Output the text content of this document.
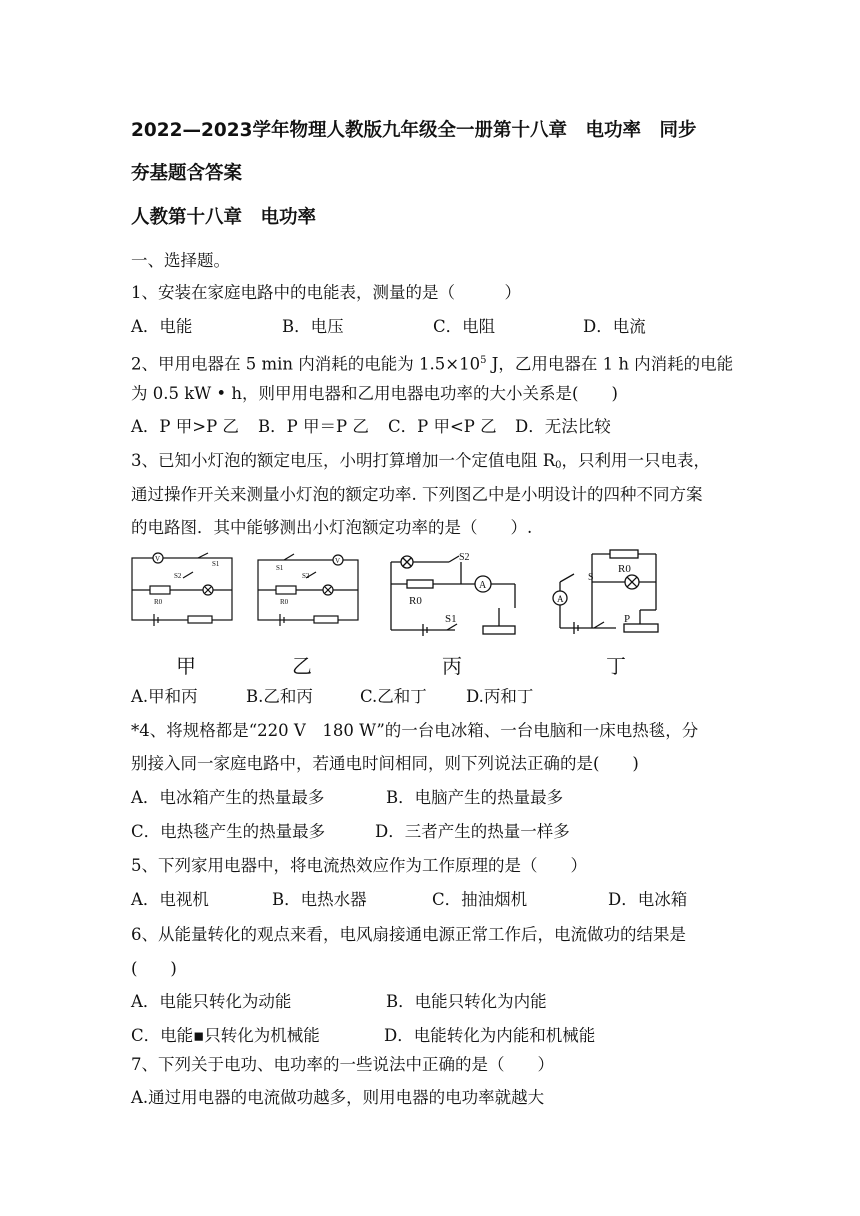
2022—2023学年物理人教版九年级全一册第十八章　电功率　同步
夯基题含答案
人教第十八章　电功率
一、选择题。
1、安装在家庭电路中的电能表，测量的是（　　　）
A．电能	B．电压	C．电阻	D．电流
2、甲用电器在 5 min 内消耗的电能为 $1.5\times 10^5$ J，乙用电器在 1 h 内消耗的电能
为 0.5 kW • h，则甲用电器和乙用电器电功率的大小关系是(　　)
A．P 甲>P 乙 B．P 甲＝P 乙 C．P 甲<P 乙 D．无法比较
3、已知小灯泡的额定电压，小明打算增加一个定值电阻 $R_0$，只利用一只电表，
通过操作开关来测量小灯泡的额定功率. 下列图乙中是小明设计的四种不同方案
的电路图．其中能够测出小灯泡额定功率的是（　　）.
V
S1
S2
R0
V
S1
S2
R0
S2
A
R0
S1
A
R0
S
P
甲	乙	丙	丁
A.甲和丙	B.乙和丙	C.乙和丁 D.丙和丁
*4、将规格都是“220 V　180 W”的一台电冰箱、一台电脑和一床电热毯，分
别接入同一家庭电路中，若通电时间相同，则下列说法正确的是(　　)
A．电冰箱产生的热量最多	B．电脑产生的热量最多
C．电热毯产生的热量最多	D．三者产生的热量一样多
5、下列家用电器中，将电流热效应作为工作原理的是（　　）
A．电视机	B．电热水器	C．抽油烟机	D．电冰箱
6、从能量转化的观点来看，电风扇接通电源正常工作后，电流做功的结果是
(　　)
A．电能只转化为动能	B．电能只转化为内能
C．电能▪只转化为机械能	D．电能转化为内能和机械能
7、下列关于电功、电功率的一些说法中正确的是（　　）
A.通过用电器的电流做功越多，则用电器的电功率就越大
